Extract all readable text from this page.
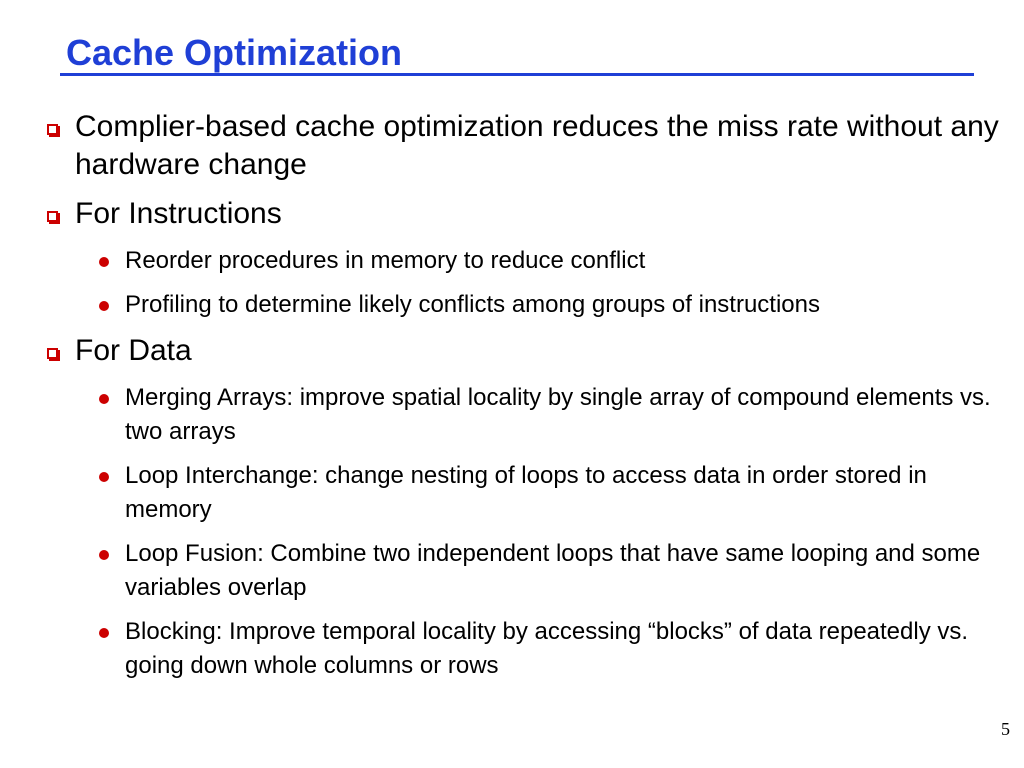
Cache Optimization
Complier-based cache optimization reduces the miss rate without any hardware change
For Instructions
Reorder procedures in memory to reduce conflict
Profiling to determine likely conflicts among groups of instructions
For Data
Merging Arrays: improve spatial locality by single array of compound elements vs. two arrays
Loop Interchange: change nesting of loops to access data in order stored in memory
Loop Fusion: Combine two independent loops that have same looping and some variables overlap
Blocking: Improve temporal locality by accessing “blocks” of data repeatedly vs. going down whole columns or rows
5
